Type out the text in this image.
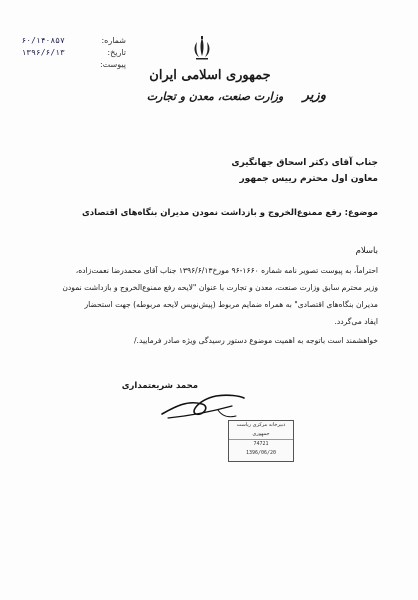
جمهوری اسلامی ایران
وزارت صنعت، معدن و تجارت	وزیر
شماره: ۶۰/۱۴۰۸۵۷
تاریخ: ۱۳۹۶/۶/۱۳
پیوست:
جناب آقای دکتر اسحاق جهانگیری
معاون اول محترم رییس جمهور
موضوع: رفع ممنوع‌الخروج و بازداشت نمودن مدیران بنگاه‌های اقتصادی
باسلام
احتراماً، به پیوست تصویر نامه شماره ۱۶۶۰-۹۶ مورخ۱۳۹۶/۶/۱۳ جناب آقای محمدرضا نعمت‌زاده،
وزیر محترم سابق وزارت صنعت، معدن و تجارت با عنوان "لایحه رفع ممنوع‌الخروج و بازداشت نمودن
مدیران بنگاه‌های اقتصادی" به همراه ضمایم مربوط (پیش‌نویس لایحه مربوطه) جهت استحضار
ایفاد می‌گردد.
خواهشمند است باتوجه به اهمیت موضوع دستور رسیدگی ویژه صادر فرمایید./
محمد شریعتمداری
دبیرخانه مرکزی ریاست جمهوری
74721
1396/06/20
